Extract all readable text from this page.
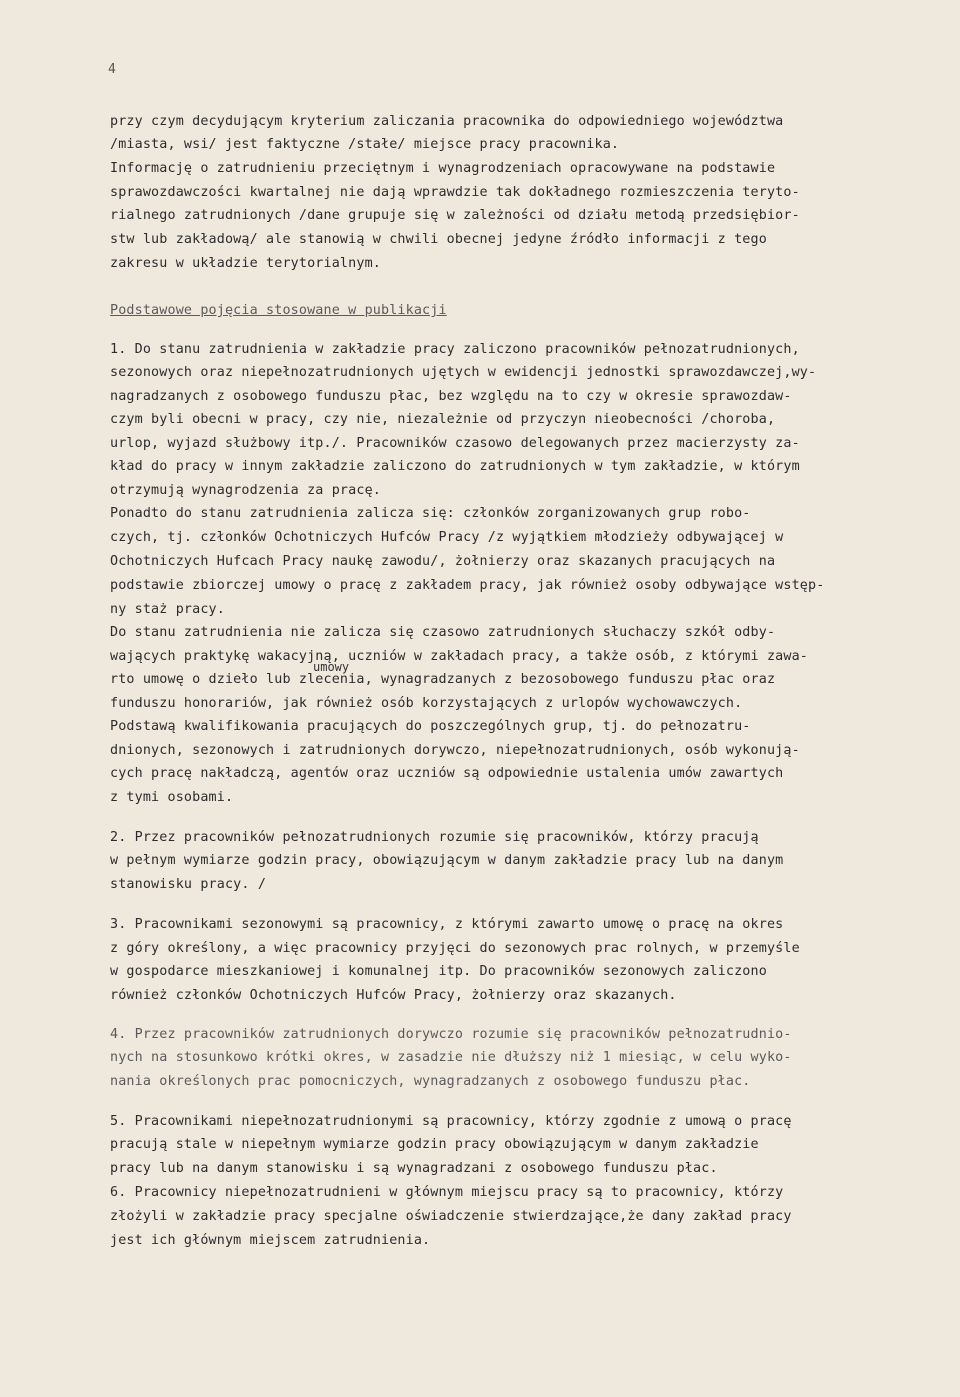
4
przy czym decydującym kryterium zaliczania pracownika do odpowiedniego województwa
/miasta, wsi/ jest faktyczne /stałe/ miejsce pracy pracownika.
Informację o zatrudnieniu przeciętnym i wynagrodzeniach opracowywane na podstawie
sprawozdawczości kwartalnej nie dają wprawdzie tak dokładnego rozmieszczenia teryto-
rialnego zatrudnionych /dane grupuje się w zależności od działu metodą przedsiębior-
stw lub zakładową/ ale stanowią w chwili obecnej jedyne źródło informacji z tego
zakresu w układzie terytorialnym.
Podstawowe pojęcia stosowane w publikacji
1. Do stanu zatrudnienia w zakładzie pracy zaliczono pracowników pełnozatrudnionych,
sezonowych oraz niepełnozatrudnionych ujętych w ewidencji jednostki sprawozdawczej,wy-
nagradzanych z osobowego funduszu płac, bez względu na to czy w okresie sprawozdaw-
czym byli obecni w pracy, czy nie, niezależnie od przyczyn nieobecności /choroba,
urlop, wyjazd służbowy itp./. Pracowników czasowo delegowanych przez macierzysty za-
kład do pracy w innym zakładzie zaliczono do zatrudnionych w tym zakładzie, w którym
otrzymują wynagrodzenia za pracę.
Ponadto do stanu zatrudnienia zalicza się: członków zorganizowanych grup robo-
czych, tj. członków Ochotniczych Hufców Pracy /z wyjątkiem młodzieży odbywającej w
Ochotniczych Hufcach Pracy naukę zawodu/, żołnierzy oraz skazanych pracujących na
podstawie zbiorczej umowy o pracę z zakładem pracy, jak również osoby odbywające wstęp-
ny staż pracy.
Do stanu zatrudnienia nie zalicza się czasowo zatrudnionych słuchaczy szkół odby-
wających praktykę wakacyjną, uczniów w zakładach pracy, a także osób, z którymi zawa-
umowy
rto umowę o dzieło lub zlecenia, wynagradzanych z bezosobowego funduszu płac oraz
funduszu honorariów, jak również osób korzystających z urlopów wychowawczych.
Podstawą kwalifikowania pracujących do poszczególnych grup, tj. do pełnozatru-
dnionych, sezonowych i zatrudnionych dorywczo, niepełnozatrudnionych, osób wykonują-
cych pracę nakładczą, agentów oraz uczniów są odpowiednie ustalenia umów zawartych
z tymi osobami.
2. Przez pracowników pełnozatrudnionych rozumie się pracowników, którzy pracują
w pełnym wymiarze godzin pracy, obowiązującym w danym zakładzie pracy lub na danym
stanowisku pracy. /
3. Pracownikami sezonowymi są pracownicy, z którymi zawarto umowę o pracę na okres
z góry określony, a więc pracownicy przyjęci do sezonowych prac rolnych, w przemyśle
w gospodarce mieszkaniowej i komunalnej itp. Do pracowników sezonowych zaliczono
również członków Ochotniczych Hufców Pracy, żołnierzy oraz skazanych.
4. Przez pracowników zatrudnionych dorywczo rozumie się pracowników pełnozatrudnio-
nych na stosunkowo krótki okres, w zasadzie nie dłuższy niż 1 miesiąc, w celu wyko-
nania określonych prac pomocniczych, wynagradzanych z osobowego funduszu płac.
5. Pracownikami niepełnozatrudnionymi są pracownicy, którzy zgodnie z umową o pracę
pracują stale w niepełnym wymiarze godzin pracy obowiązującym w danym zakładzie
pracy lub na danym stanowisku i są wynagradzani z osobowego funduszu płac.
6. Pracownicy niepełnozatrudnieni w głównym miejscu pracy są to pracownicy, którzy
złożyli w zakładzie pracy specjalne oświadczenie stwierdzające,że dany zakład pracy
jest ich głównym miejscem zatrudnienia.
